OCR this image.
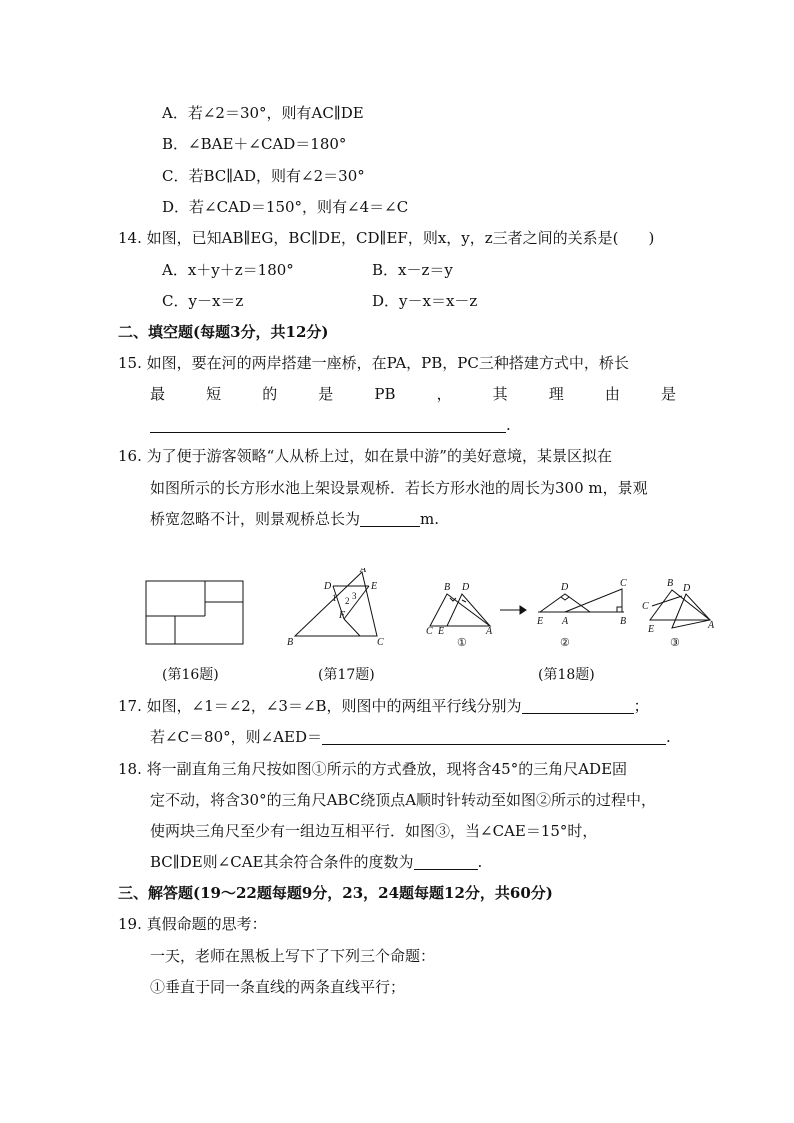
A．若∠2＝30°，则有AC∥DE
B．∠BAE＋∠CAD＝180°
C．若BC∥AD，则有∠2＝30°
D．若∠CAD＝150°，则有∠4＝∠C
14. 如图，已知AB∥EG，BC∥DE，CD∥EF，则x，y，z三者之间的关系是(　　)
A．x＋y＋z＝180°	B．x－z＝y
C．y－x＝z	D．y－x＝x－z
二、填空题(每题3分，共12分)
15. 如图，要在河的两岸搭建一座桥，在PA，PB，PC三种搭建方式中，桥长
最	短	的	是	PB	，	其	理	由	是
.
16. 为了便于游客领略“人从桥上过，如在景中游”的美好意境，某景区拟在
如图所示的长方形水池上架设景观桥．若长方形水池的周长为300 m，景观
桥宽忽略不计，则景观桥总长为	m.
(第16题)
A
D	E
1 2 3
F
B	C
(第17题)
B D
C E	A
D	C
E A	B
B D
C
E	A
①	②	③
(第18题)
17. 如图，∠1＝∠2，∠3＝∠B，则图中的两组平行线分别为	；
若∠C＝80°，则∠AED＝	.
18. 将一副直角三角尺按如图①所示的方式叠放，现将含45°的三角尺ADE固
定不动，将含30°的三角尺ABC绕顶点A顺时针转动至如图②所示的过程中，
使两块三角尺至少有一组边互相平行．如图③，当∠CAE＝15°时，
BC∥DE则∠CAE其余符合条件的度数为	.
三、解答题(19～22题每题9分，23，24题每题12分，共60分)
19. 真假命题的思考：
一天，老师在黑板上写下了下列三个命题：
①垂直于同一条直线的两条直线平行；
